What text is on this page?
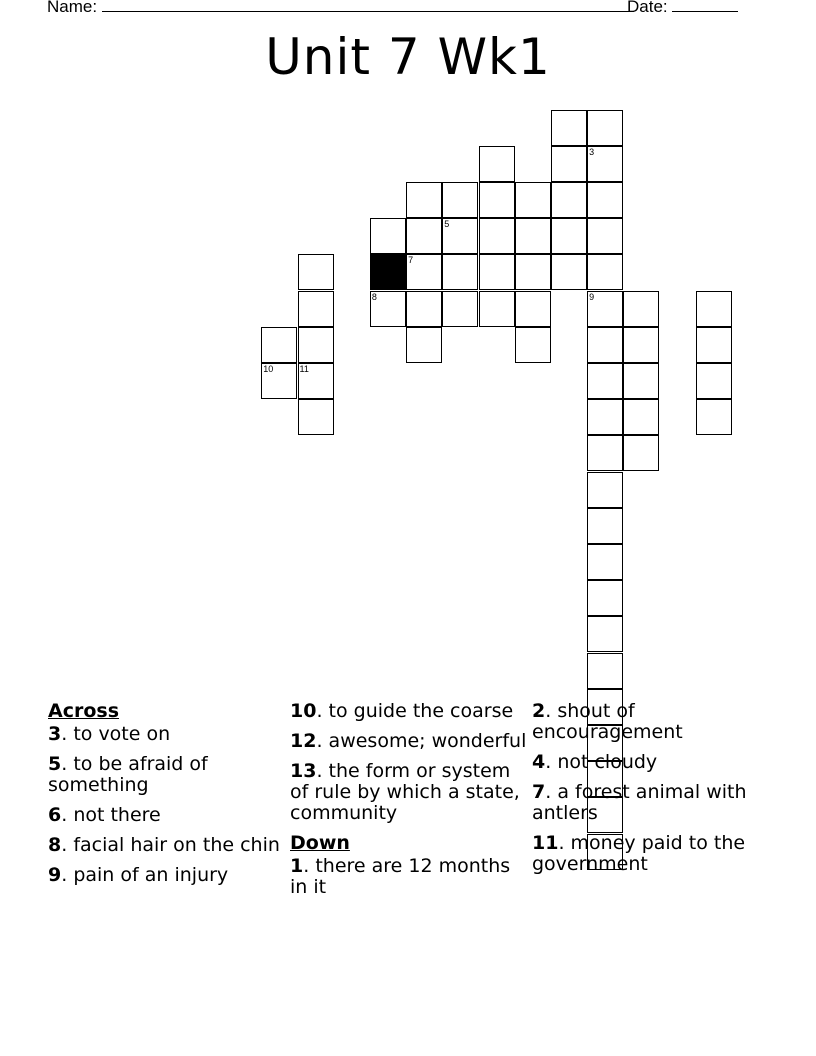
Name:	Date:
Unit 7 Wk1
3
9
7
5
8
11
10
Across
3. to vote on
5. to be afraid of something
6. not there
8. facial hair on the chin
9. pain of an injury
10. to guide the coarse
12. awesome; wonderful
13. the form or system of rule by which a state, community
Down
1. there are 12 months in it
2. shout of encouragement
4. not cloudy
7. a forest animal with antlers
11. money paid to the government
